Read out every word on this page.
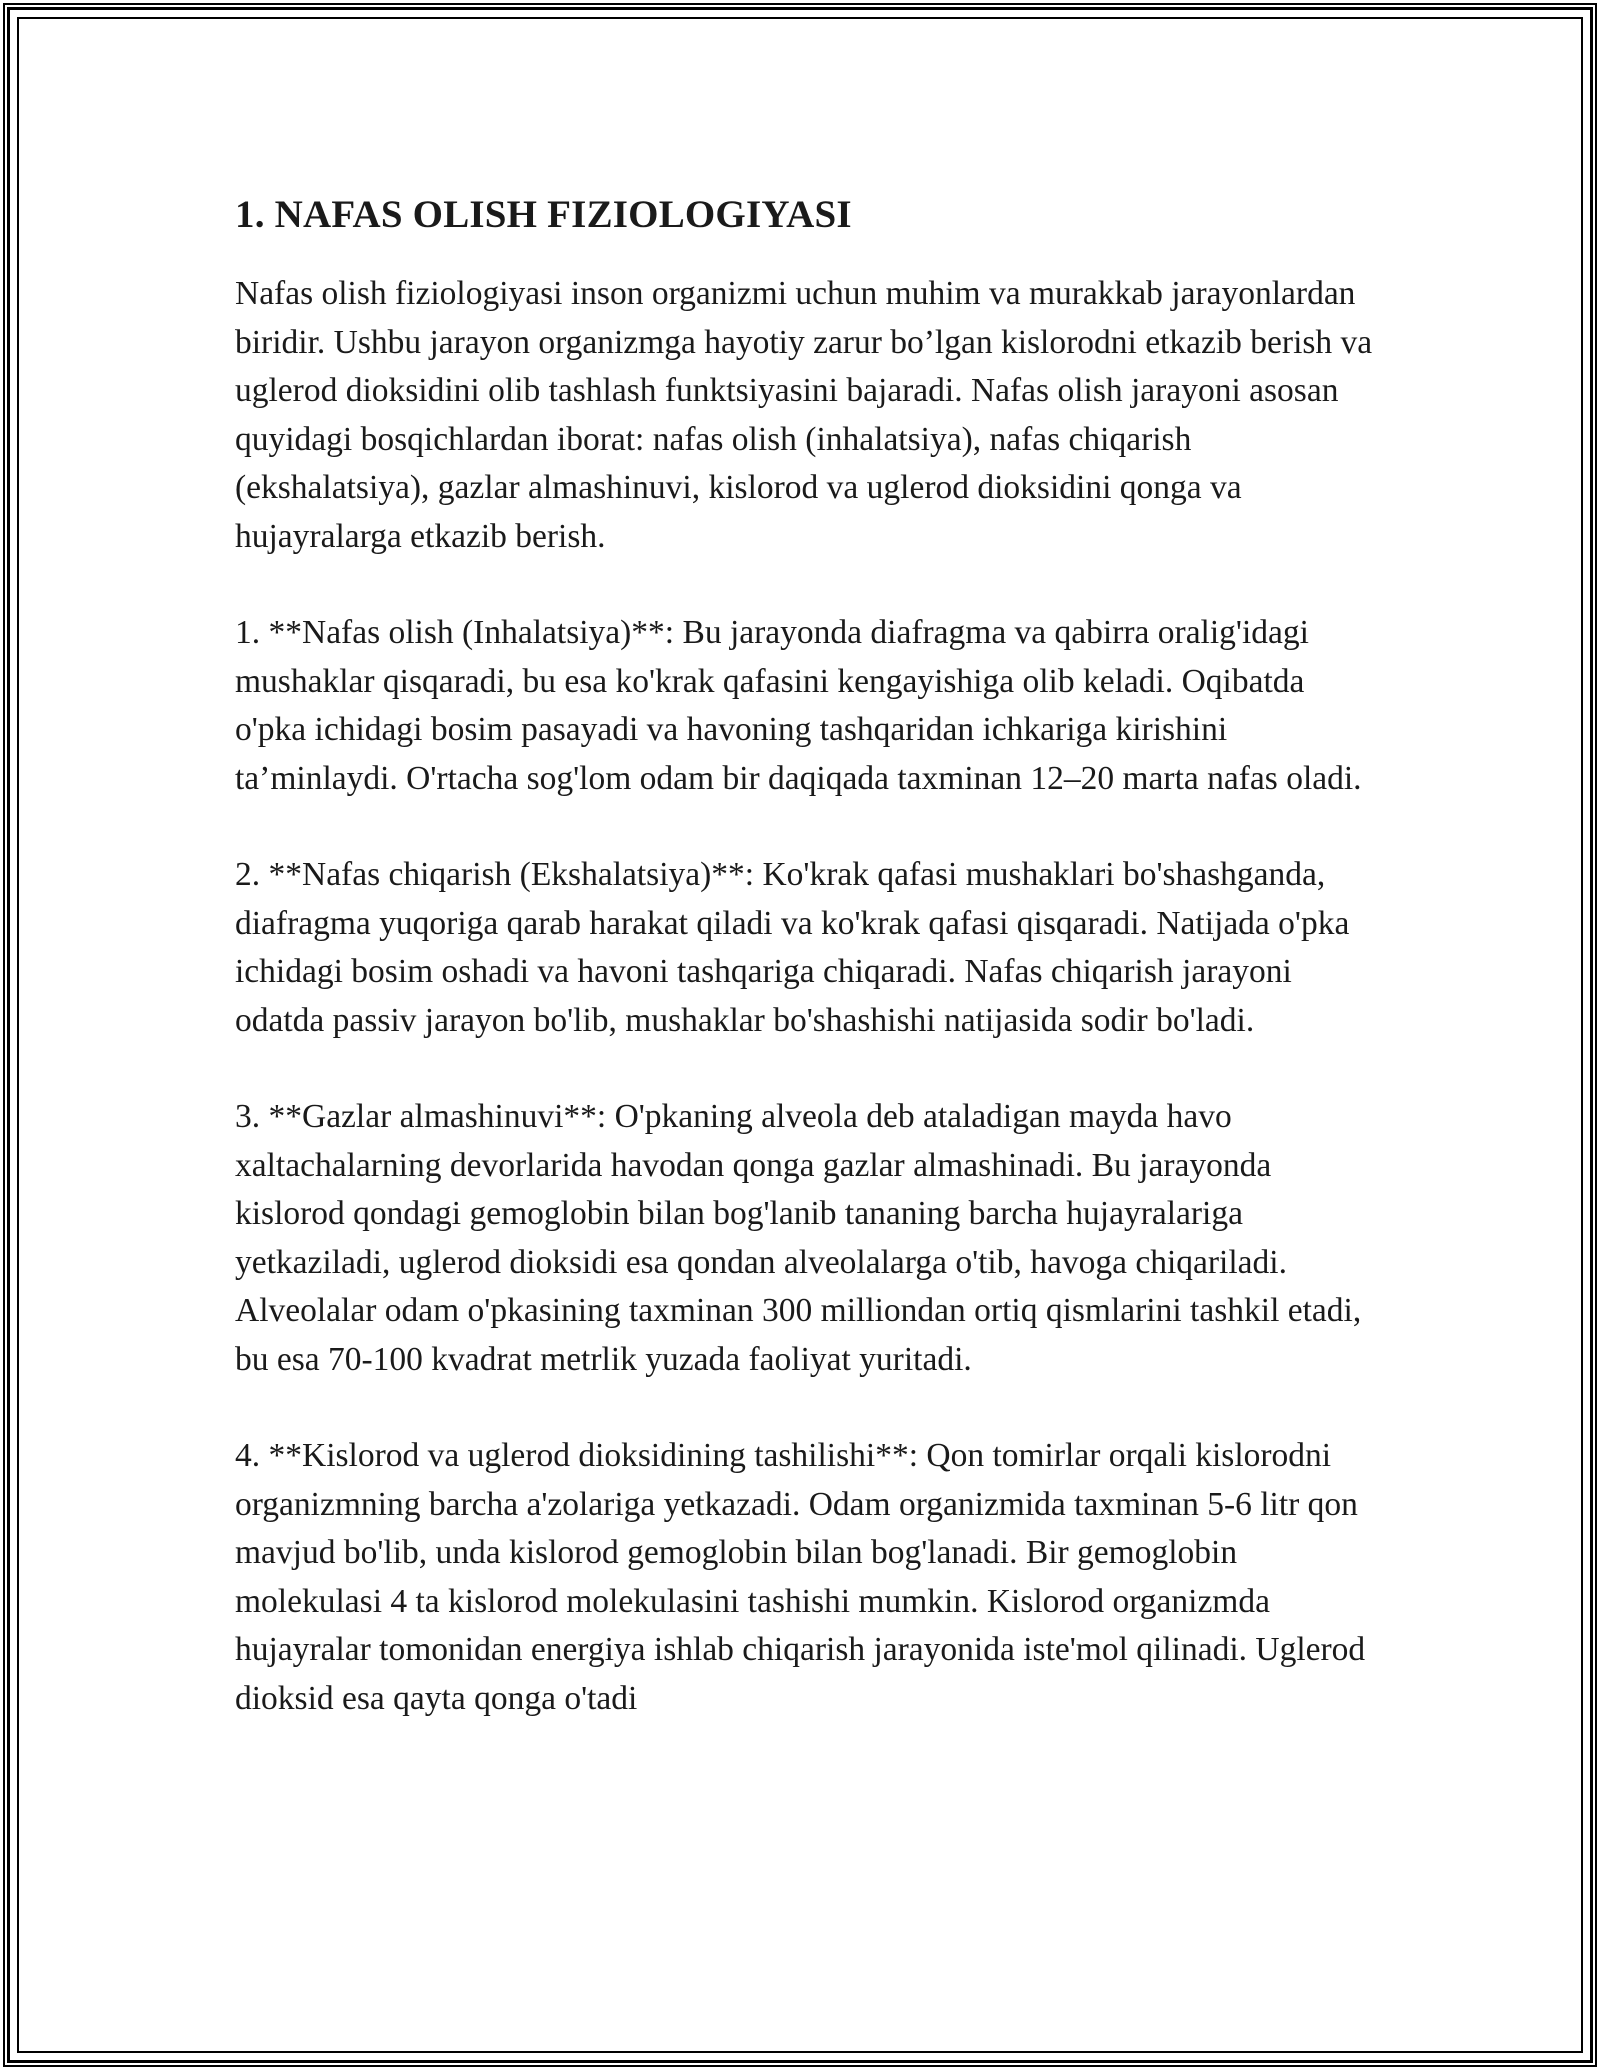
1. NAFAS OLISH FIZIOLOGIYASI

Nafas olish fiziologiyasi inson organizmi uchun muhim va murakkab jarayonlardan biridir. Ushbu jarayon organizmga hayotiy zarur bo’lgan kislorodni etkazib berish va uglerod dioksidini olib tashlash funktsiyasini bajaradi. Nafas olish jarayoni asosan quyidagi bosqichlardan iborat: nafas olish (inhalatsiya), nafas chiqarish (ekshalatsiya), gazlar almashinuvi, kislorod va uglerod dioksidini qonga va hujayralarga etkazib berish.

1. **Nafas olish (Inhalatsiya)**: Bu jarayonda diafragma va qabirra oralig'idagi mushaklar qisqaradi, bu esa ko'krak qafasini kengayishiga olib keladi. Oqibatda o'pka ichidagi bosim pasayadi va havoning tashqaridan ichkariga kirishini ta’minlaydi. O'rtacha sog'lom odam bir daqiqada taxminan 12–20 marta nafas oladi.

2. **Nafas chiqarish (Ekshalatsiya)**: Ko'krak qafasi mushaklari bo'shashganda, diafragma yuqoriga qarab harakat qiladi va ko'krak qafasi qisqaradi. Natijada o'pka ichidagi bosim oshadi va havoni tashqariga chiqaradi. Nafas chiqarish jarayoni odatda passiv jarayon bo'lib, mushaklar bo'shashishi natijasida sodir bo'ladi.

3. **Gazlar almashinuvi**: O'pkaning alveola deb ataladigan mayda havo xaltachalarning devorlarida havodan qonga gazlar almashinadi. Bu jarayonda kislorod qondagi gemoglobin bilan bog'lanib tananing barcha hujayralariga yetkaziladi, uglerod dioksidi esa qondan alveolalarga o'tib, havoga chiqariladi. Alveolalar odam o'pkasining taxminan 300 milliondan ortiq qismlarini tashkil etadi, bu esa 70-100 kvadrat metrlik yuzada faoliyat yuritadi.

4. **Kislorod va uglerod dioksidining tashilishi**: Qon tomirlar orqali kislorodni organizmning barcha a'zolariga yetkazadi. Odam organizmida taxminan 5-6 litr qon mavjud bo'lib, unda kislorod gemoglobin bilan bog'lanadi. Bir gemoglobin molekulasi 4 ta kislorod molekulasini tashishi mumkin. Kislorod organizmda hujayralar tomonidan energiya ishlab chiqarish jarayonida iste'mol qilinadi. Uglerod dioksid esa qayta qonga o'tadi
